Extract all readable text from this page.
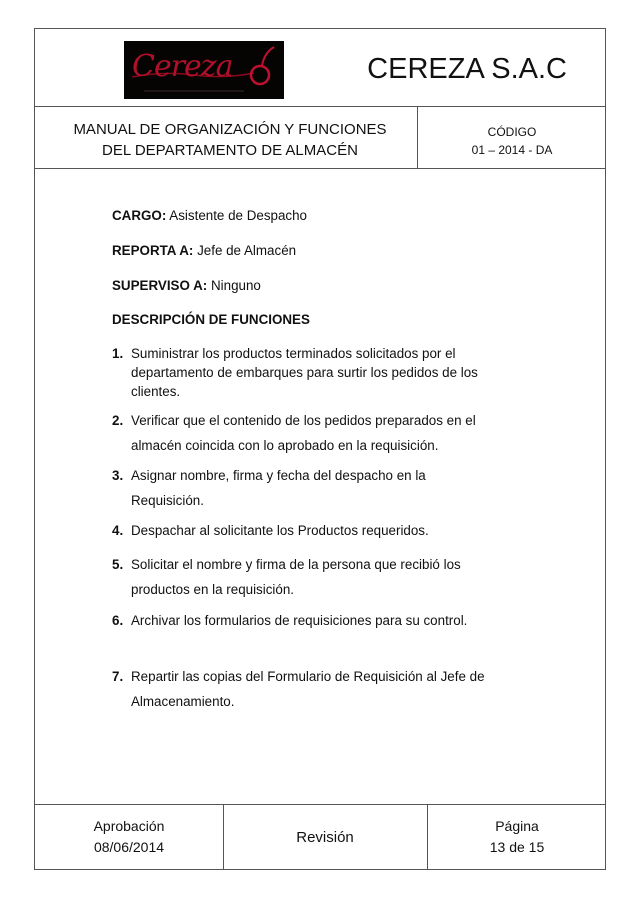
Cereza	CEREZA S.A.C
MANUAL DE ORGANIZACIÓN Y FUNCIONES
DEL DEPARTAMENTO DE ALMACÉN
CÓDIGO
01 – 2014 - DA
Aprobación
08/06/2014
Revisión
Página
13 de 15
CARGO: Asistente de Despacho
REPORTA A: Jefe de Almacén
SUPERVISO A: Ninguno
DESCRIPCIÓN DE FUNCIONES
1. Suministrar los productos terminados solicitados por el departamento de embarques para surtir los pedidos de los clientes.
2. Verificar que el contenido de los pedidos preparados en el almacén coincida con lo aprobado en la requisición.
3. Asignar nombre, firma y fecha del despacho en la Requisición.
4. Despachar al solicitante los Productos requeridos.
5. Solicitar el nombre y firma de la persona que recibió los productos en la requisición.
6. Archivar los formularios de requisiciones para su control.
7. Repartir las copias del Formulario de Requisición al Jefe de Almacenamiento.
